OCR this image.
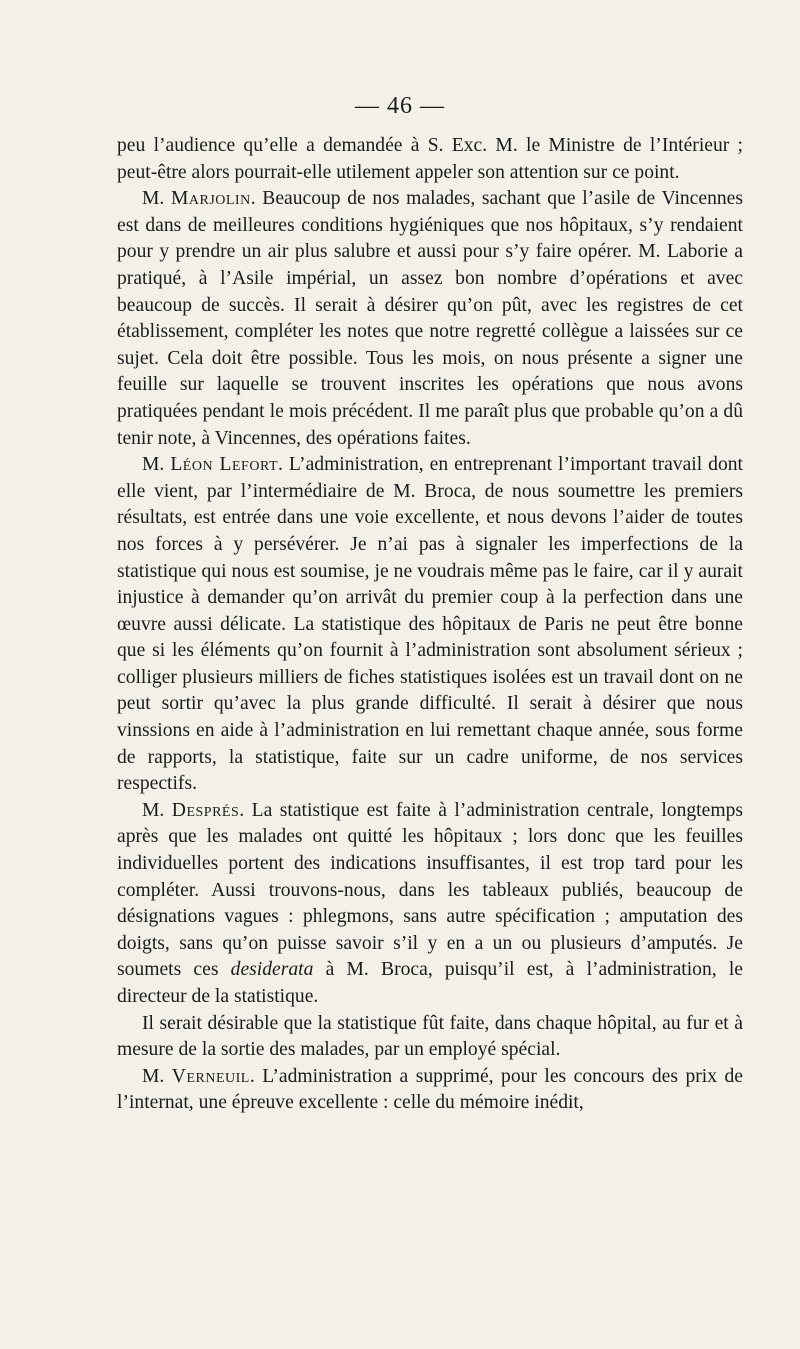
— 46 —

peu l’audience qu’elle a demandée à S. Exc. M. le Ministre de l’Intérieur ; peut-être alors pourrait-elle utilement appeler son attention sur ce point.

M. Marjolin. Beaucoup de nos malades, sachant que l’asile de Vincennes est dans de meilleures conditions hygiéniques que nos hôpitaux, s’y rendaient pour y prendre un air plus salubre et aussi pour s’y faire opérer. M. Laborie a pratiqué, à l’Asile impérial, un assez bon nombre d’opérations et avec beaucoup de succès. Il serait à désirer qu’on pût, avec les registres de cet établissement, compléter les notes que notre regretté collègue a laissées sur ce sujet. Cela doit être possible. Tous les mois, on nous présente a signer une feuille sur laquelle se trouvent inscrites les opérations que nous avons pratiquées pendant le mois précédent. Il me paraît plus que probable qu’on a dû tenir note, à Vincennes, des opérations faites.

M. Léon Lefort. L’administration, en entreprenant l’important travail dont elle vient, par l’intermédiaire de M. Broca, de nous soumettre les premiers résultats, est entrée dans une voie excellente, et nous devons l’aider de toutes nos forces à y persévérer. Je n’ai pas à signaler les imperfections de la statistique qui nous est soumise, je ne voudrais même pas le faire, car il y aurait injustice à demander qu’on arrivât du premier coup à la perfection dans une œuvre aussi délicate. La statistique des hôpitaux de Paris ne peut être bonne que si les éléments qu’on fournit à l’administration sont absolument sérieux ; colliger plusieurs milliers de fiches statistiques isolées est un travail dont on ne peut sortir qu’avec la plus grande difficulté. Il serait à désirer que nous vinssions en aide à l’administration en lui remettant chaque année, sous forme de rapports, la statistique, faite sur un cadre uniforme, de nos services respectifs.

M. Després. La statistique est faite à l’administration centrale, longtemps après que les malades ont quitté les hôpitaux ; lors donc que les feuilles individuelles portent des indications insuffisantes, il est trop tard pour les compléter. Aussi trouvons-nous, dans les tableaux publiés, beaucoup de désignations vagues : phlegmons, sans autre spécification ; amputation des doigts, sans qu’on puisse savoir s’il y en a un ou plusieurs d’amputés. Je soumets ces desiderata à M. Broca, puisqu’il est, à l’administration, le directeur de la statistique.

Il serait désirable que la statistique fût faite, dans chaque hôpital, au fur et à mesure de la sortie des malades, par un employé spécial.

M. Verneuil. L’administration a supprimé, pour les concours des prix de l’internat, une épreuve excellente : celle du mémoire inédit,
